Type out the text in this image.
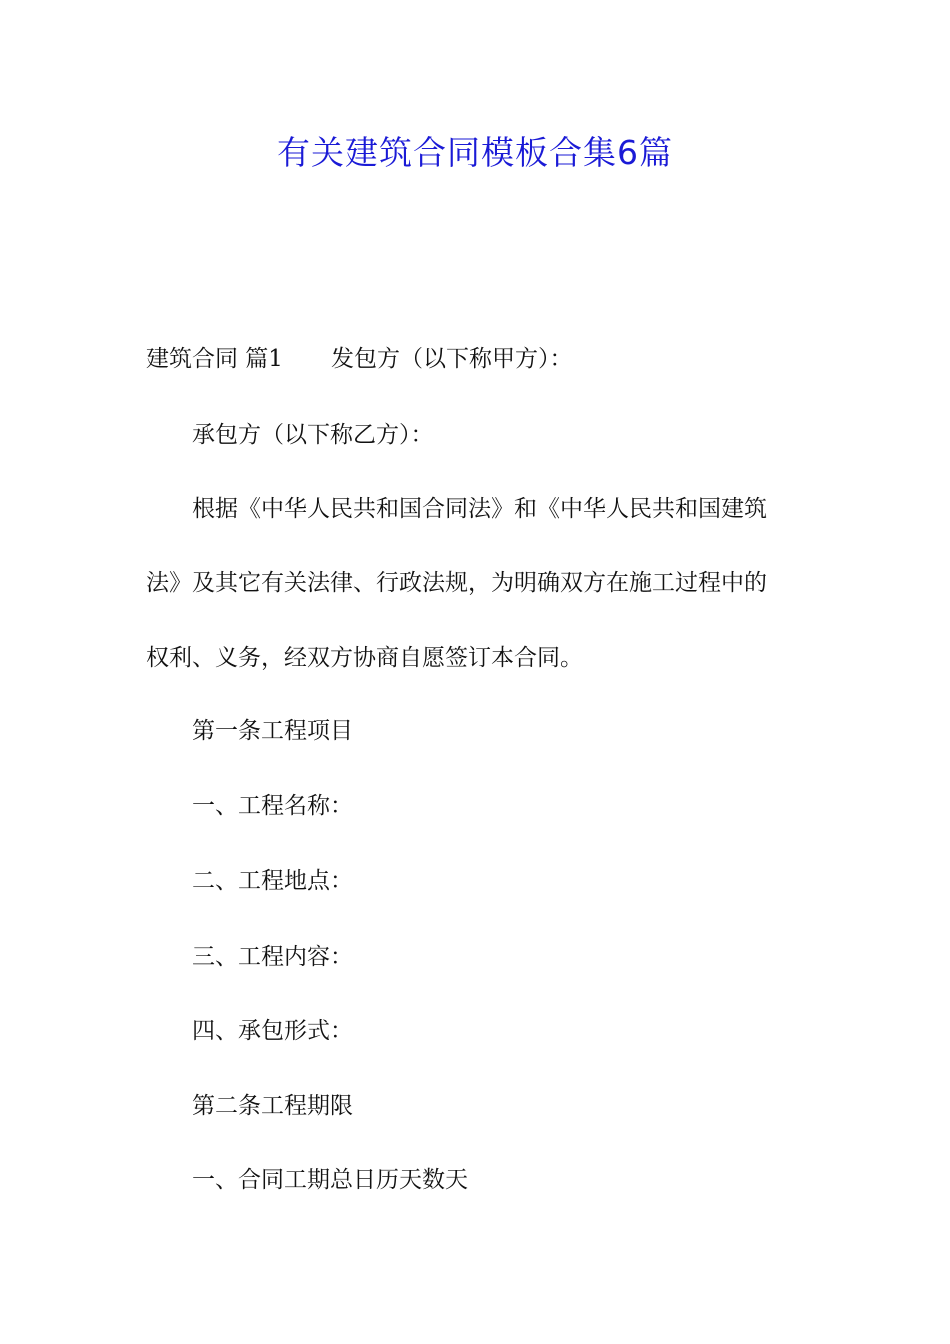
有关建筑合同模板合集6篇
建筑合同 篇1 发包方（以下称甲方）：
承包方（以下称乙方）：
根据《中华人民共和国合同法》和《中华人民共和国建筑
法》及其它有关法律、行政法规，为明确双方在施工过程中的
权利、义务，经双方协商自愿签订本合同。
第一条工程项目
一、工程名称：
二、工程地点：
三、工程内容：
四、承包形式：
第二条工程期限
一、合同工期总日历天数天
